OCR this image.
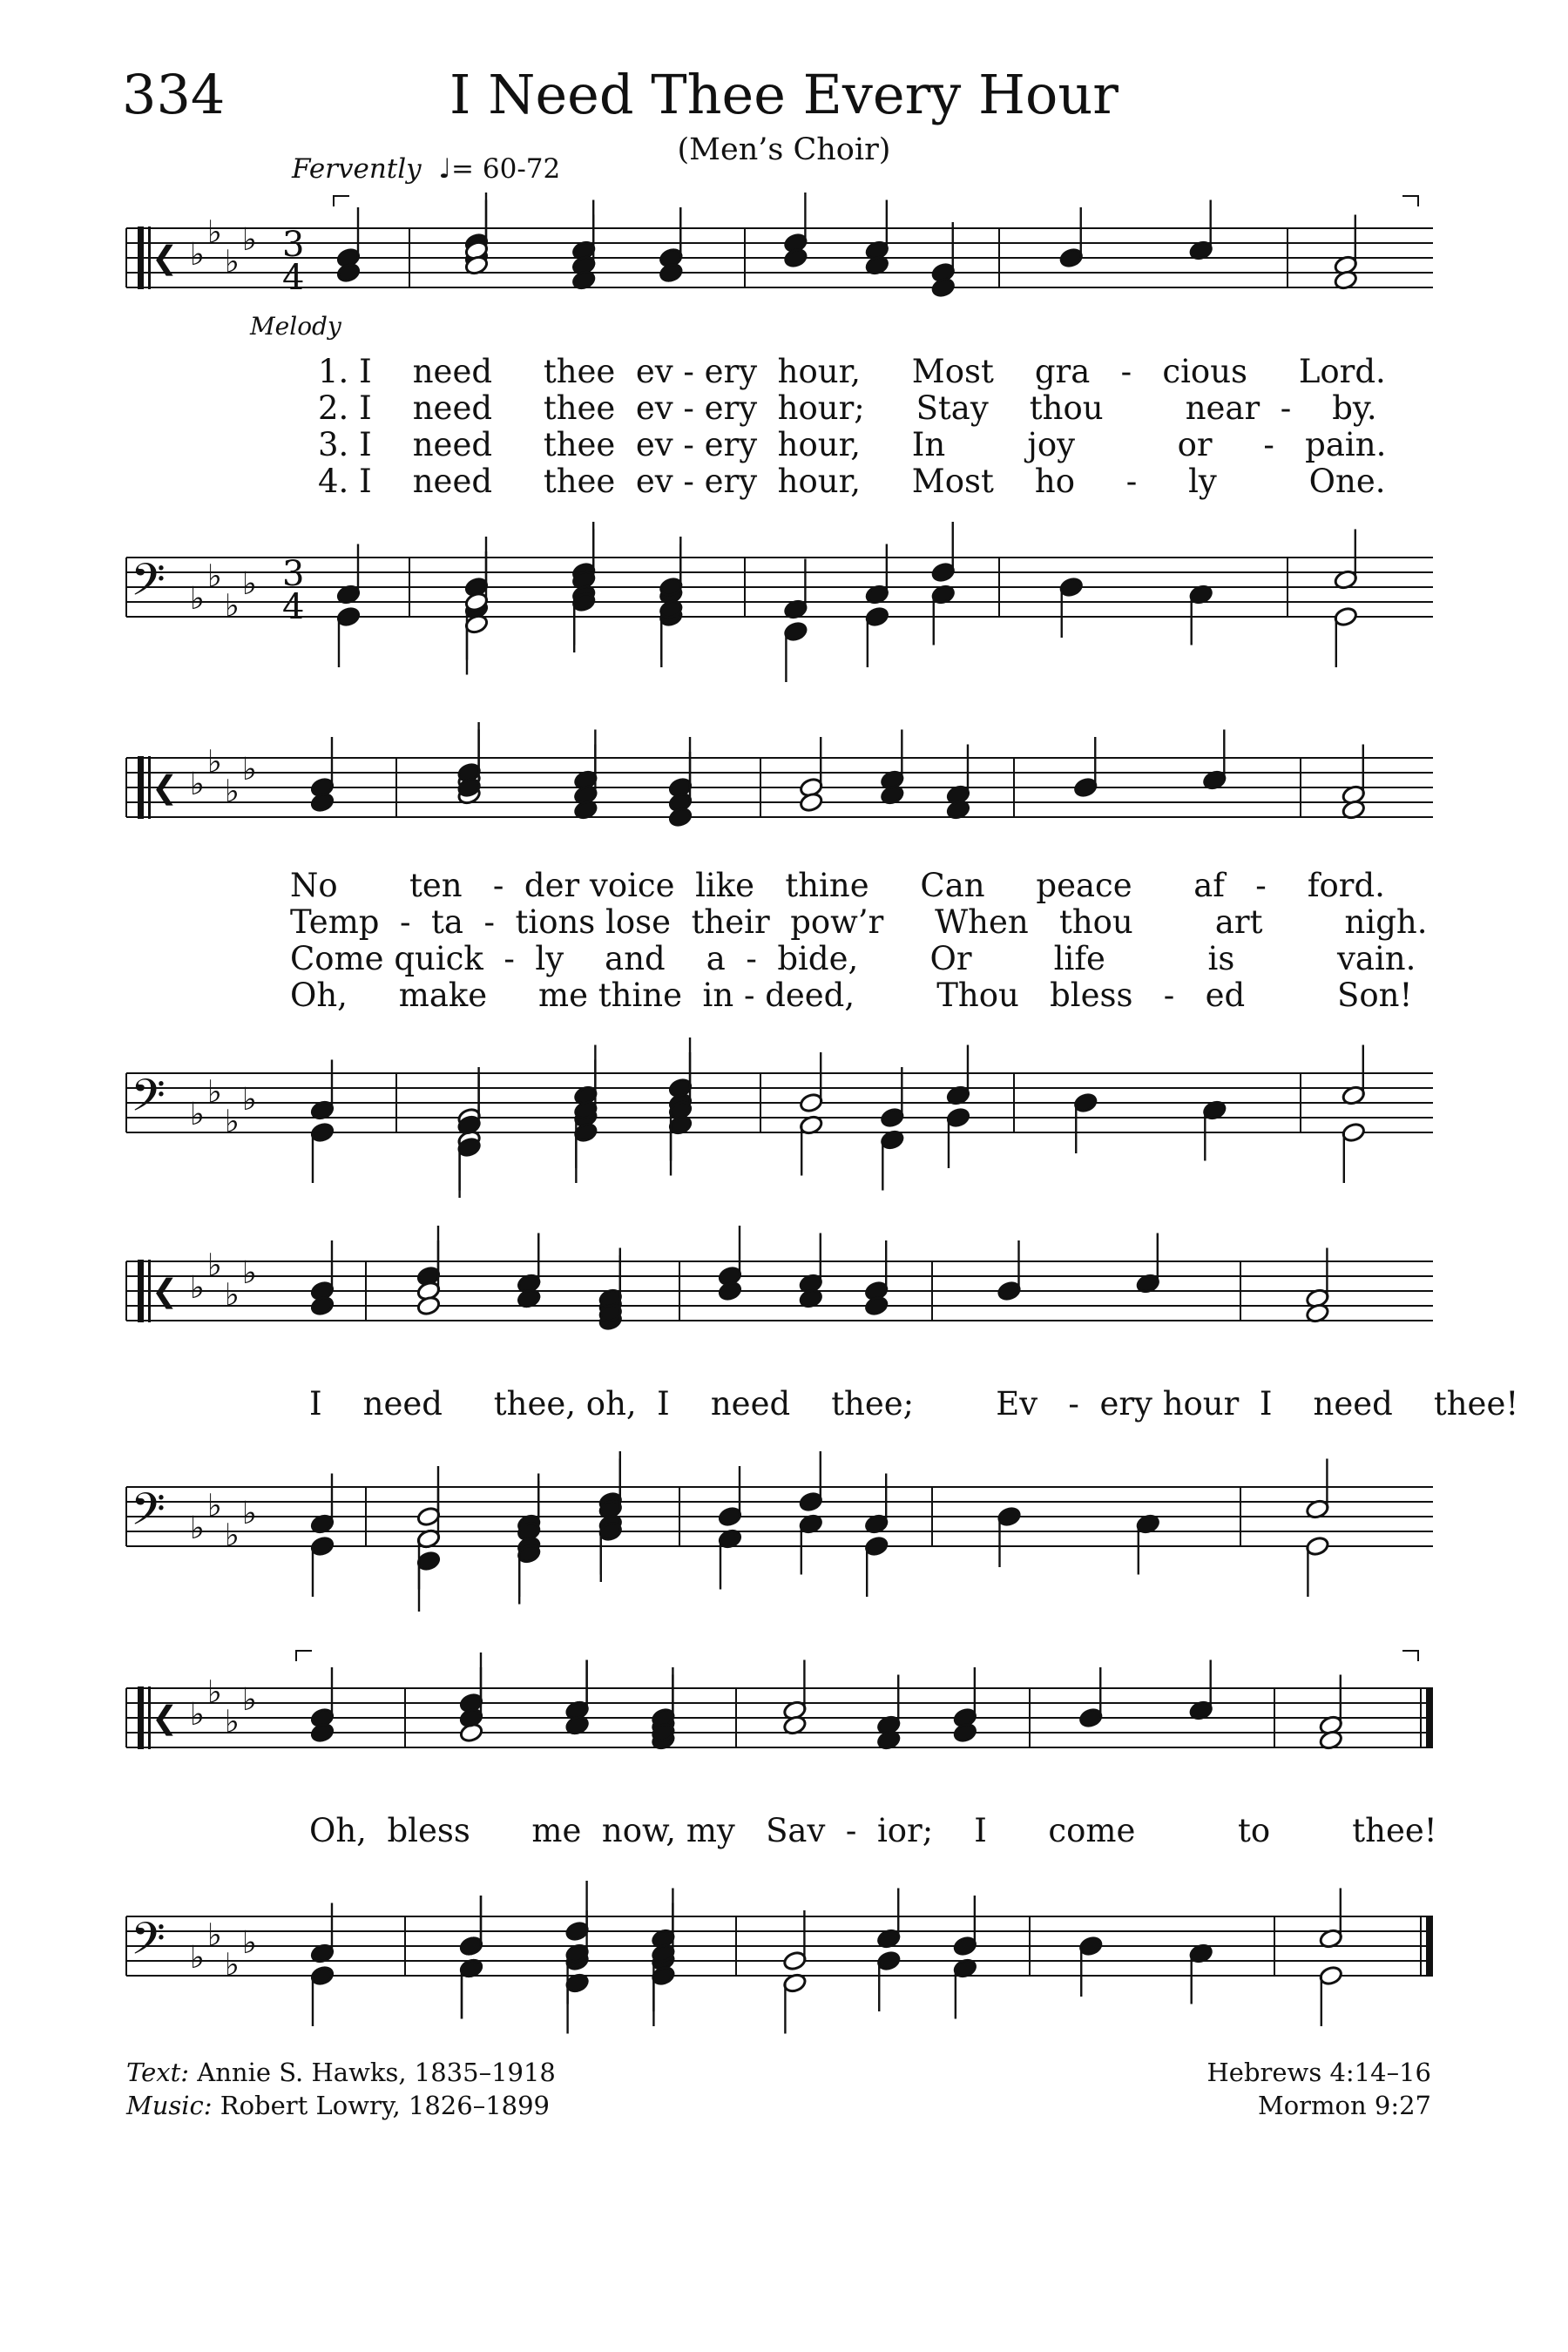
334	I Need Thee Every Hour
(Men’s Choir)
Fervently  ♩= 60-72
Melody
❮
𝄢
♭
♭
♭
♭
♭
♭
♭
♭
3
4
3
4
❮
𝄢
♭
♭
♭
♭
♭
♭
♭
♭
❮
𝄢
♭
♭
♭
♭
♭
♭
♭
♭
❮
𝄢
♭
♭
♭
♭
♭
♭
♭
♭
1. I    need     thee  ev - ery  hour,     Most    gra   -   cious     Lord.
2. I    need     thee  ev - ery  hour;     Stay    thou        near  -    by.
3. I    need     thee  ev - ery  hour,     In        joy          or     -   pain.
4. I    need     thee  ev - ery  hour,     Most    ho     -     ly         One.
No       ten   -  der voice  like   thine     Can     peace      af   -    ford.
Temp  -  ta  -  tions lose  their  pow’r     When   thou        art        nigh.
Come quick  -  ly    and    a  -  bide,       Or        life          is          vain.
Oh,     make     me thine  in - deed,        Thou   bless   -   ed         Son!
I    need     thee, oh,  I    need    thee;        Ev   -  ery hour  I    need    thee!
Oh,  bless      me  now, my   Sav  -  ior;    I      come          to        thee!
Text: Annie S. Hawks, 1835–1918
Music: Robert Lowry, 1826–1899
Hebrews 4:14–16
Mormon 9:27
